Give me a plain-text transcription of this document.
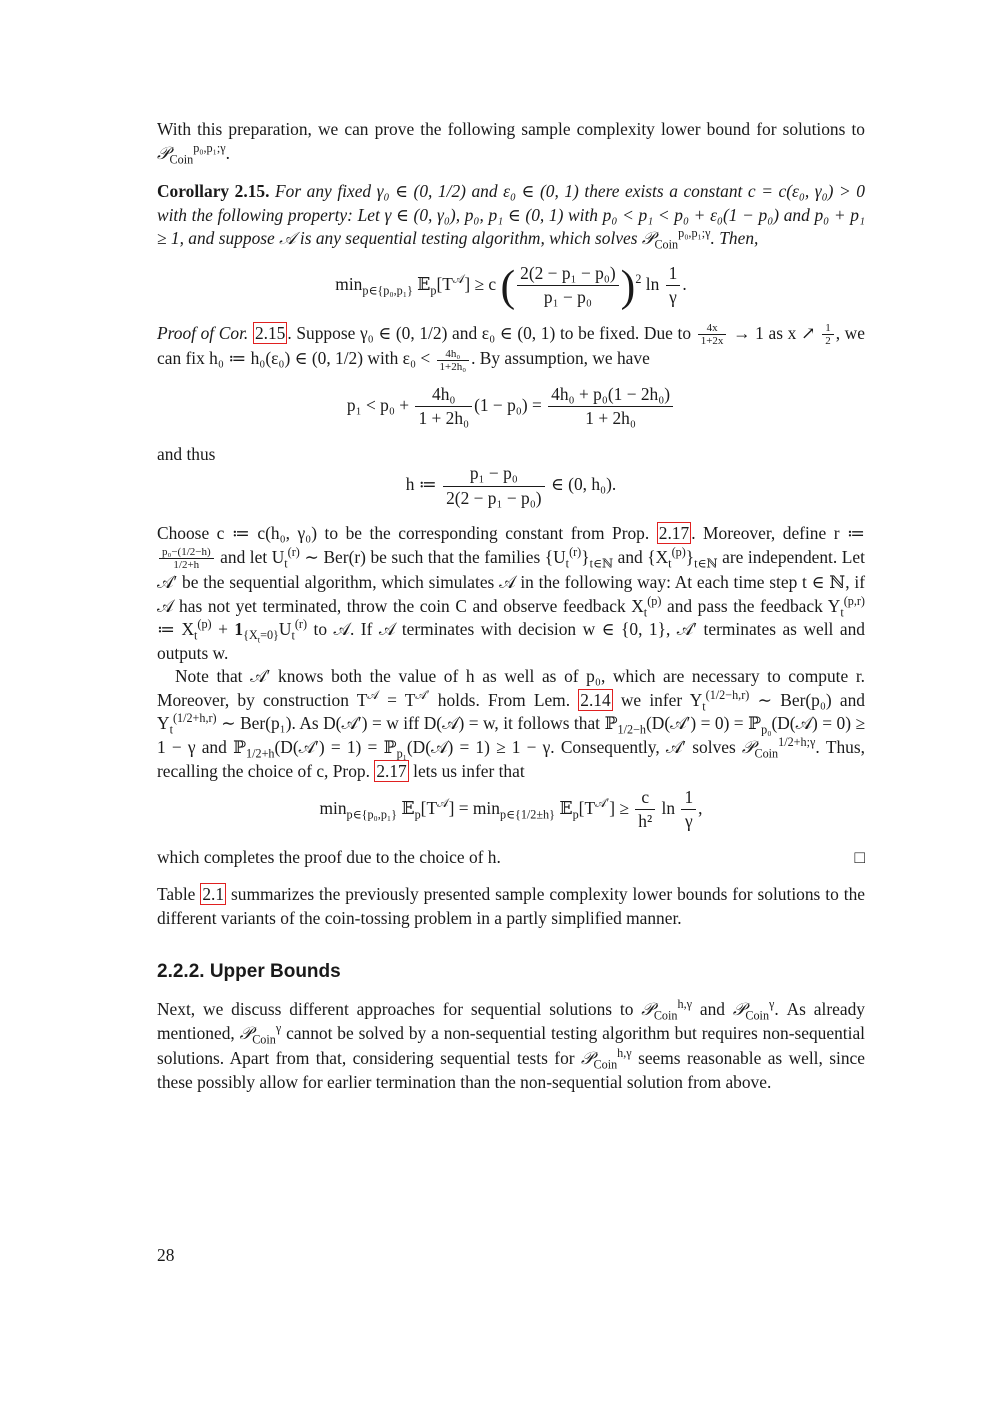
With this preparation, we can prove the following sample complexity lower bound for solutions to 𝒫$_{Coin}^{p_0,p_1;\gamma}$.

Corollary 2.15. For any fixed γ₀ ∈ (0, 1/2) and ε₀ ∈ (0, 1) there exists a constant c = c(ε₀, γ₀) > 0 with the following property: Let γ ∈ (0, γ₀), p₀, p₁ ∈ (0, 1) with p₀ < p₁ < p₀ + ε₀(1 − p₀) and p₀ + p₁ ≥ 1, and suppose 𝒜 is any sequential testing algorithm, which solves 𝒫$_{Coin}^{p_0,p_1;\gamma}$. Then,

$\min_{p\in\{p_0,p_1\}}$ $𝔼_p[T^𝒜] \ge c$ ( $\frac{\text{2(2 − p₁ − p₀)}}{\text{p₁ − p₀}} )^2$ $\ln \frac{1}{\gamma}$ .

Proof of Cor. 2.15 . Suppose γ₀ ∈ (0, 1/2) and ε₀ ∈ (0, 1) to be fixed. Due to $\frac{4x}{1+2x} \to 1$ as x ↗ $\frac{1}{2}$ , we can fix h₀ ≔ h₀(ε₀) ∈ (0, 1/2) with $\varepsilon_0 < \frac{\text{4h₀}}{\text{1+2h₀}}$ . By assumption, we have

$p_1 < p_0 + \frac{\text{4h₀}}{\text{1 + 2h₀}} (1 - p_0) = \frac{\text{4h₀ + p₀(1 − 2h₀)}}{\text{1 + 2h₀}}$

and thus

h ≔ $\frac{\text{p₁ − p₀}}{\text{2(2 − p₁ − p₀)}}$ ∈ (0, h₀).

Choose c ≔ c(h₀, γ₀) to be the corresponding constant from Prop. 2.17 . Moreover, define r ≔
$\frac{\text{p₀−(1/2−h)}}{1/2+h}$ and let $U_t^{(r)}$ ∼ Ber(r) be such that the families $\{U_t^{(r)}\}_{t\in ℕ}$ and $\{X_t^{(p)}\}_{t\in ℕ}$ are independent. Let 𝒜′ be the sequential algorithm, which simulates 𝒜 in the following way: At each time step t ∈ ℕ, if 𝒜 has not yet terminated, throw the coin C and observe feedback $X_t^{(p)}$ and pass the feedback $Y_t^{(p,r)}$ ≔ $X_t^{(p)} + 1_{\{X_t=0\}}U_t^{(r)}$ to 𝒜. If 𝒜 terminates with decision w ∈ {0, 1}, 𝒜′ terminates as well and outputs w.

Note that 𝒜′ knows both the value of h as well as of p₀, which are necessary to compute r. Moreover, by construction $T^𝒜 = T^{𝒜'}$ holds. From Lem. 2.14 we infer $Y_t^{(1/2-h,r)}$ ∼ Ber(p₀) and $Y_t^{(1/2+h,r)}$ ∼ Ber(p₁). As D(𝒜′) = w iff D(𝒜) = w, it follows that ℙ$_{1/2-h}$(D(𝒜′) = 0) = ℙ$_{p_0}$(D(𝒜) = 0) ≥ 1 − γ and ℙ$_{1/2+h}$(D(𝒜′) = 1) = ℙ$_{p_1}$(D(𝒜) = 1) ≥ 1 − γ. Consequently, 𝒜′ solves 𝒫$_{Coin}^{1/2+h;\gamma}$. Thus, recalling the choice of c, Prop. 2.17 lets us infer that

$\min_{p\in\{p_0,p_1\}}$ $𝔼_p[T^𝒜] = \min_{p\in\{1/2\pm h\}}$ $𝔼_p[T^{𝒜'}] \ge \frac{c}{\text{h²}}$ $\ln \frac{1}{\gamma}$ ,

which completes the proof due to the choice of h.	□

Table 2.1 summarizes the previously presented sample complexity lower bounds for solutions to the different variants of the coin-tossing problem in a partly simplified manner.

2.2.2. Upper Bounds

Next, we discuss different approaches for sequential solutions to 𝒫$_{Coin}^{h,\gamma}$ and 𝒫$_{Coin}^\gamma$. As already mentioned, 𝒫$_{Coin}^\gamma$ cannot be solved by a non-sequential testing algorithm but requires non-sequential solutions. Apart from that, considering sequential tests for 𝒫$_{Coin}^{h,\gamma}$ seems reasonable as well, since these possibly allow for earlier termination than the non-sequential solution from above.

28
